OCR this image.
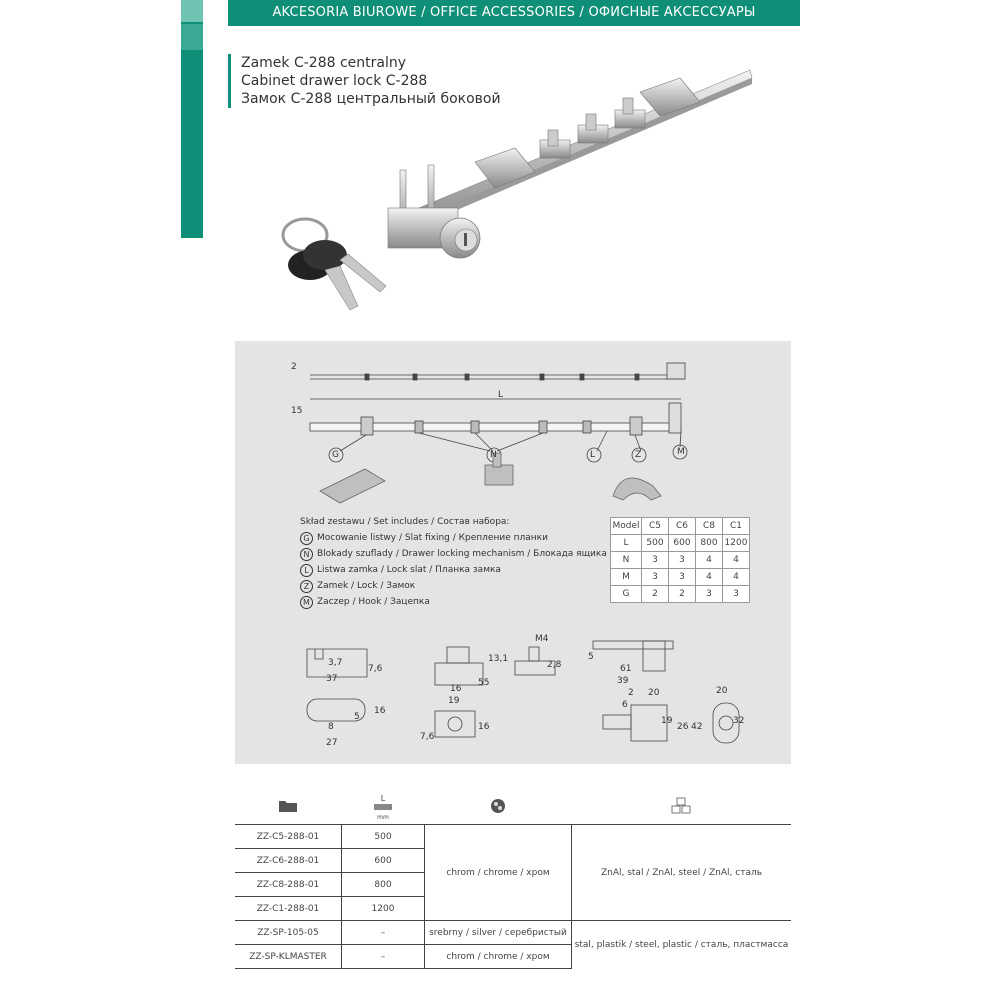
AKCESORIA BIUROWE / OFFICE ACCESSORIES / ОФИСНЫЕ АКСЕССУАРЫ
Zamek C-288 centralny
Cabinet drawer lock C-288
Замок С-288 центральный боковой
2
15
L
G	N	L	Z	M
3,7
37
7,6
5
16
8
27
13,1
55
16
19
7,6
16
M4
2,8
5
61
39
2 20
6
19
26 42
20
32
Skład zestawu / Set includes / Состав набора:
G Mocowanie listwy / Slat fixing / Крепление планки
N Blokady szuflady / Drawer locking mechanism / Блокада ящика
L Listwa zamka / Lock slat / Планка замка
Z Zamek / Lock / Замок
M Zaczep / Hook / Зацепка
Model	C5	C6	C8	C1
L	500	600	800	1200
N	3	3	4	4
M	3	3	4	4
G	2	2	3	3

L
mm

ZZ-C5-288-01	500	chrom / chrome / хром	ZnAl, stal / ZnAl, steel / ZnAl, сталь
ZZ-C6-288-01	600		
ZZ-C8-288-01	800		
ZZ-C1-288-01	1200		
ZZ-SP-105-05	–	srebrny / silver / серебристый	stal, plastik / steel, plastic / сталь, пластмасса
ZZ-SP-KLMASTER	–	chrom / chrome / хром	
